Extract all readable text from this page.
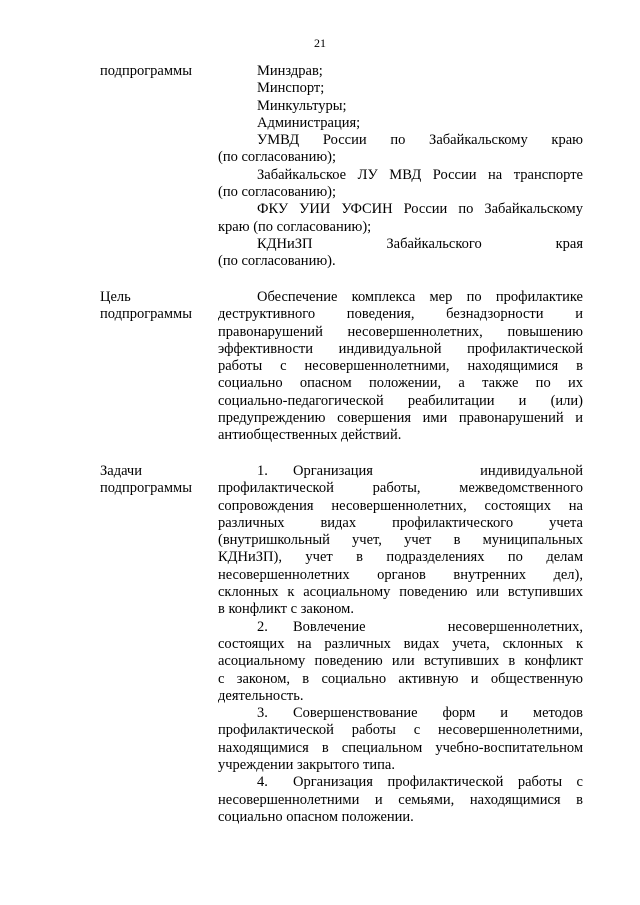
21
подпрограммы	Минздрав;
Минспорт;
Минкультуры;
Администрация;
УМВД России по Забайкальскому краю
(по согласованию);
Забайкальское ЛУ МВД России на транспорте
(по согласованию);
ФКУ УИИ УФСИН России по Забайкальскому
краю (по согласованию);
КДНиЗП Забайкальского края
(по согласованию).
Цель
подпрограммы
Обеспечение комплекса мер по профилактике
деструктивного поведения, безнадзорности и
правонарушений несовершеннолетних, повышению
эффективности индивидуальной профилактической
работы с несовершеннолетними, находящимися в
социально опасном положении, а также по их
социально-педагогической реабилитации и (или)
предупреждению совершения ими правонарушений и
антиобщественных действий.
Задачи
подпрограммы
1. Организация индивидуальной
профилактической работы, межведомственного
сопровождения несовершеннолетних, состоящих на
различных видах профилактического учета
(внутришкольный учет, учет в муниципальных
КДНиЗП), учет в подразделениях по делам
несовершеннолетних органов внутренних дел),
склонных к асоциальному поведению или вступивших
в конфликт с законом.
2. Вовлечение несовершеннолетних,
состоящих на различных видах учета, склонных к
асоциальному поведению или вступивших в конфликт
с законом, в социально активную и общественную
деятельность.
3. Совершенствование форм и методов
профилактической работы с несовершеннолетними,
находящимися в специальном учебно-воспитательном
учреждении закрытого типа.
4. Организация профилактической работы с
несовершеннолетними и семьями, находящимися в
социально опасном положении.
